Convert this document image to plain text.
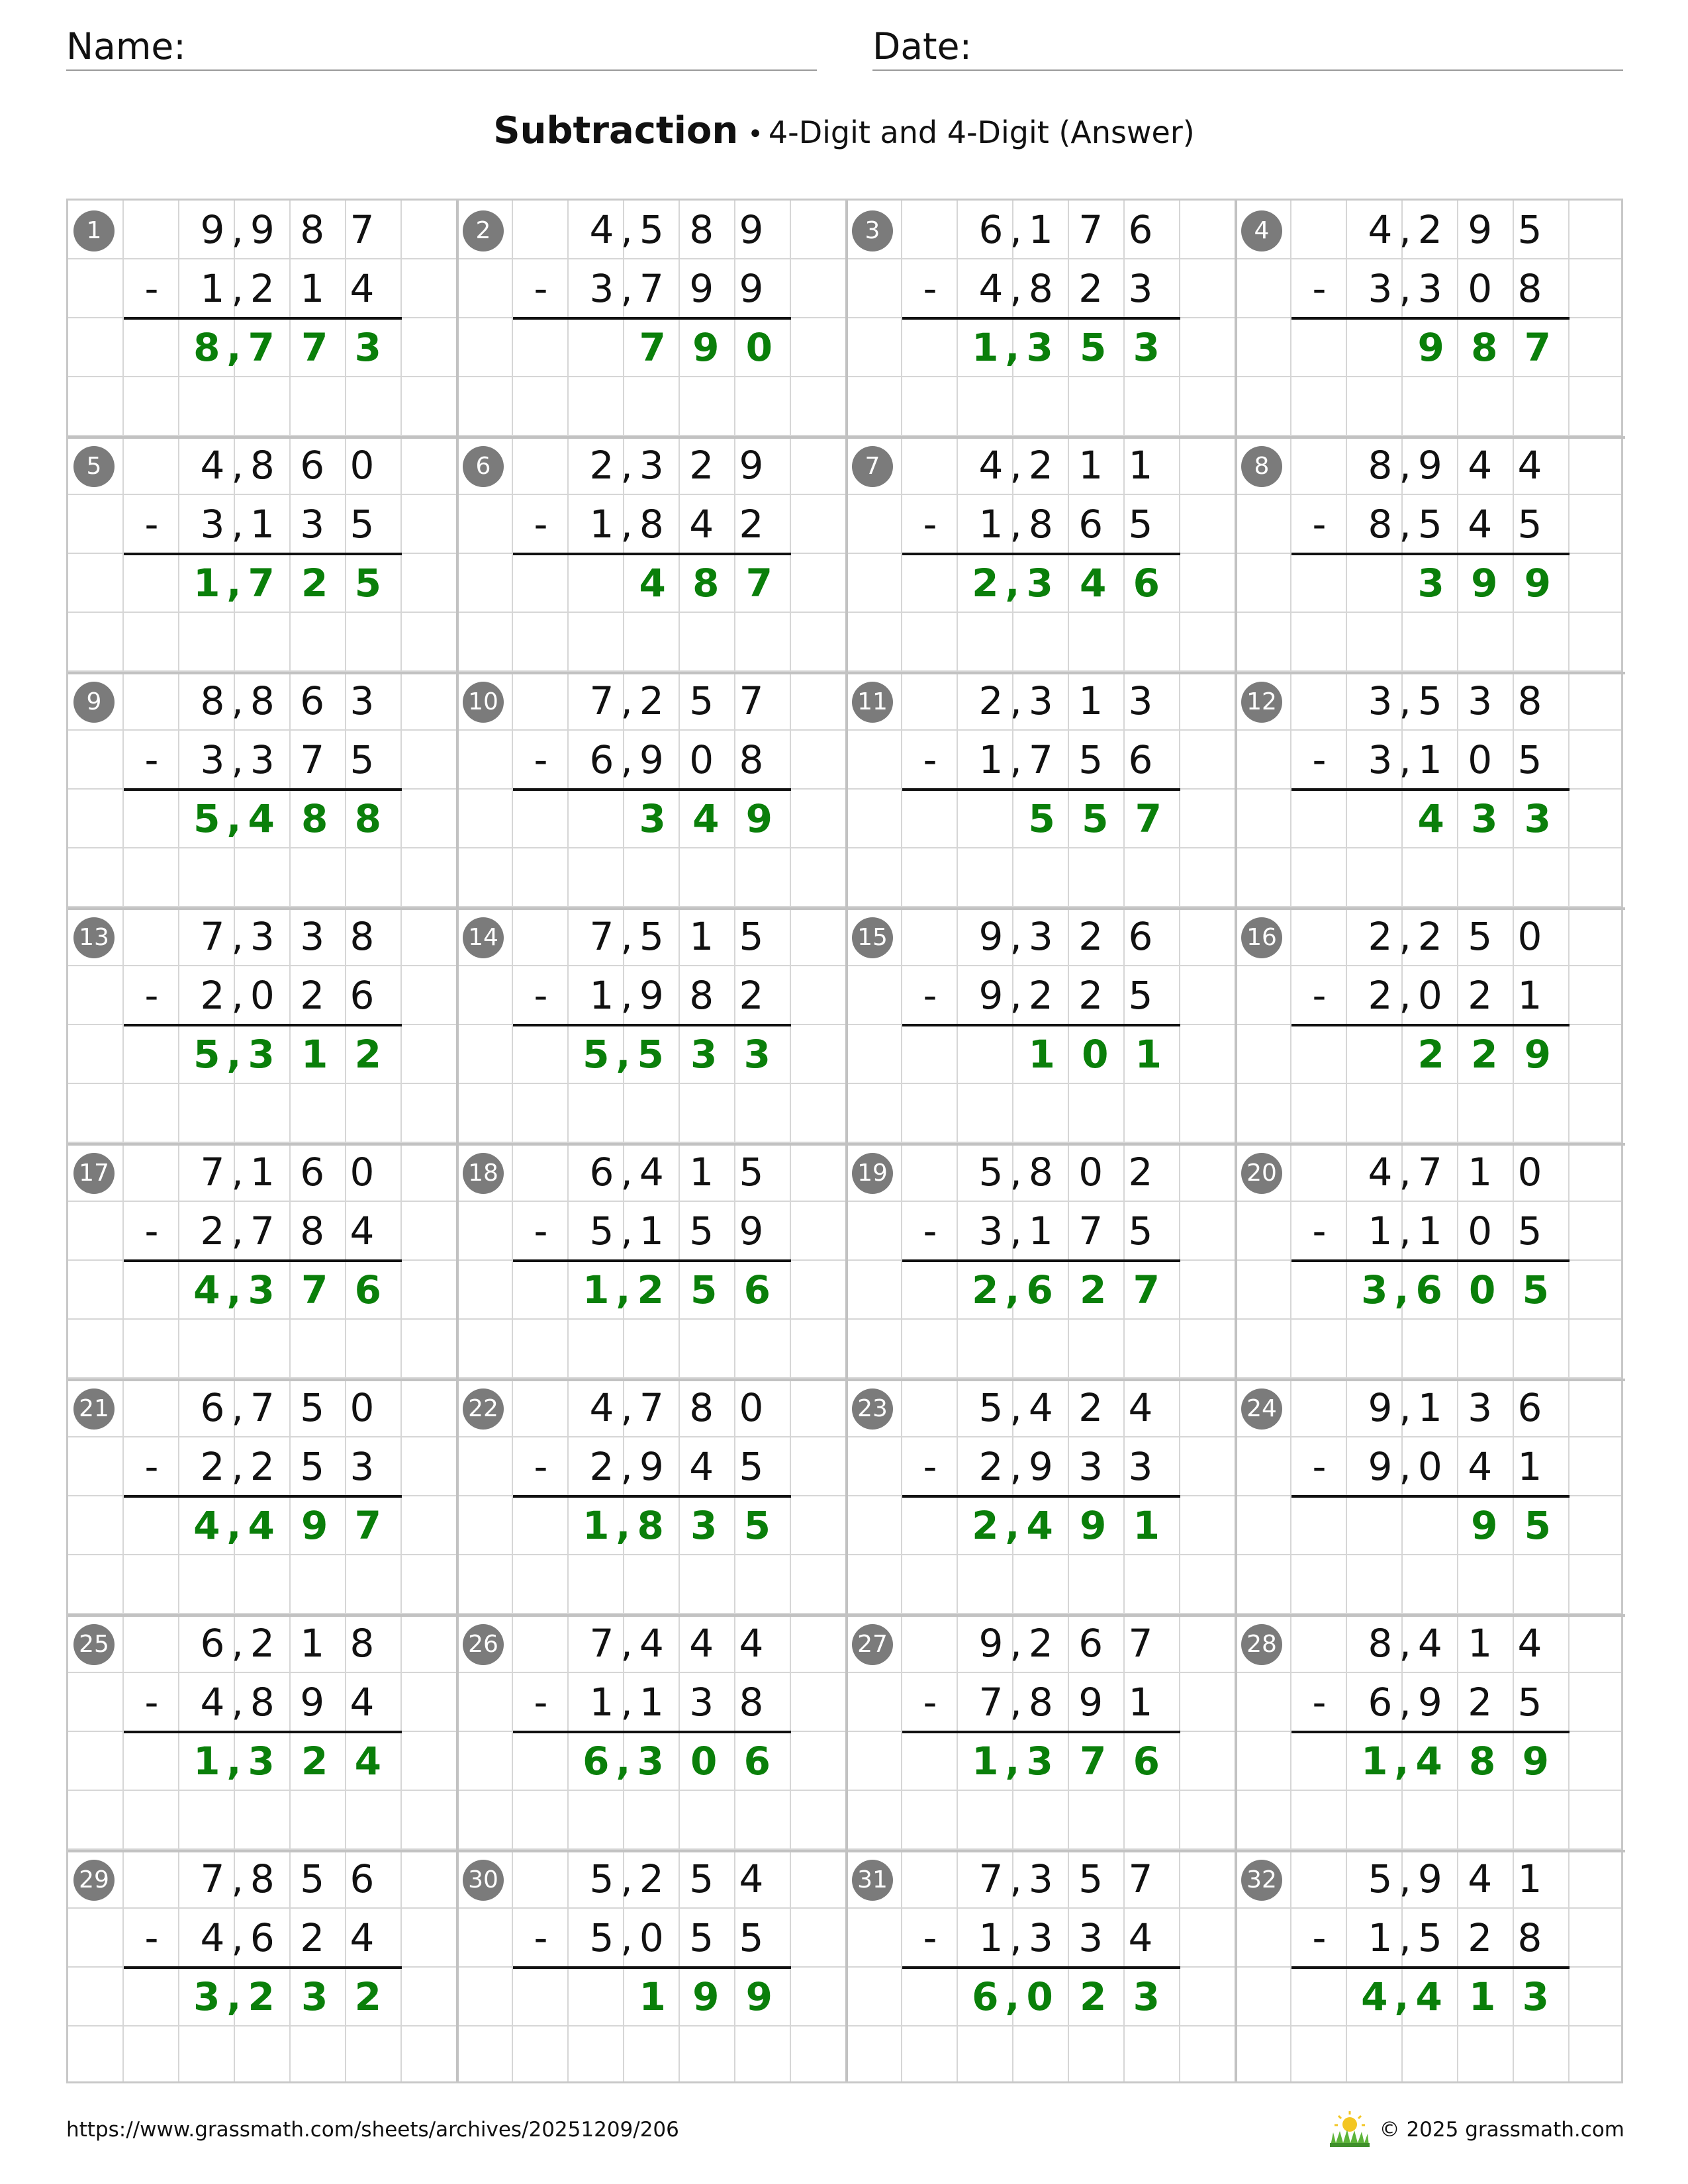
Name:	Date:
Subtraction • 4-Digit and 4-Digit (Answer)
1	9,9 8 7
-	1,2 1 4
8,7 7 3
2	4,5 8 9
-	3,7 9 9
7 9 0
3	6,1 7 6
-	4,8 2 3
1,3 5 3
4	4,2 9 5
-	3,3 0 8
9 8 7
5	4,8 6 0
-	3,1 3 5
1,7 2 5
6	2,3 2 9
-	1,8 4 2
4 8 7
7	4,2 1 1
-	1,8 6 5
2,3 4 6
8	8,9 4 4
-	8,5 4 5
3 9 9
9	8,8 6 3
-	3,3 7 5
5,4 8 8
10	7,2 5 7
-	6,9 0 8
3 4 9
11	2,3 1 3
-	1,7 5 6
5 5 7
12	3,5 3 8
-	3,1 0 5
4 3 3
13	7,3 3 8
-	2,0 2 6
5,3 1 2
14	7,5 1 5
-	1,9 8 2
5,5 3 3
15	9,3 2 6
-	9,2 2 5
1 0 1
16	2,2 5 0
-	2,0 2 1
2 2 9
17	7,1 6 0
-	2,7 8 4
4,3 7 6
18	6,4 1 5
-	5,1 5 9
1,2 5 6
19	5,8 0 2
-	3,1 7 5
2,6 2 7
20	4,7 1 0
-	1,1 0 5
3,6 0 5
21	6,7 5 0
-	2,2 5 3
4,4 9 7
22	4,7 8 0
-	2,9 4 5
1,8 3 5
23	5,4 2 4
-	2,9 3 3
2,4 9 1
24	9,1 3 6
-	9,0 4 1
9 5
25	6,2 1 8
-	4,8 9 4
1,3 2 4
26	7,4 4 4
-	1,1 3 8
6,3 0 6
27	9,2 6 7
-	7,8 9 1
1,3 7 6
28	8,4 1 4
-	6,9 2 5
1,4 8 9
29	7,8 5 6
-	4,6 2 4
3,2 3 2
30	5,2 5 4
-	5,0 5 5
1 9 9
31	7,3 5 7
-	1,3 3 4
6,0 2 3
32	5,9 4 1
-	1,5 2 8
4,4 1 3
https://www.grassmath.com/sheets/archives/20251209/206	© 2025 grassmath.com
